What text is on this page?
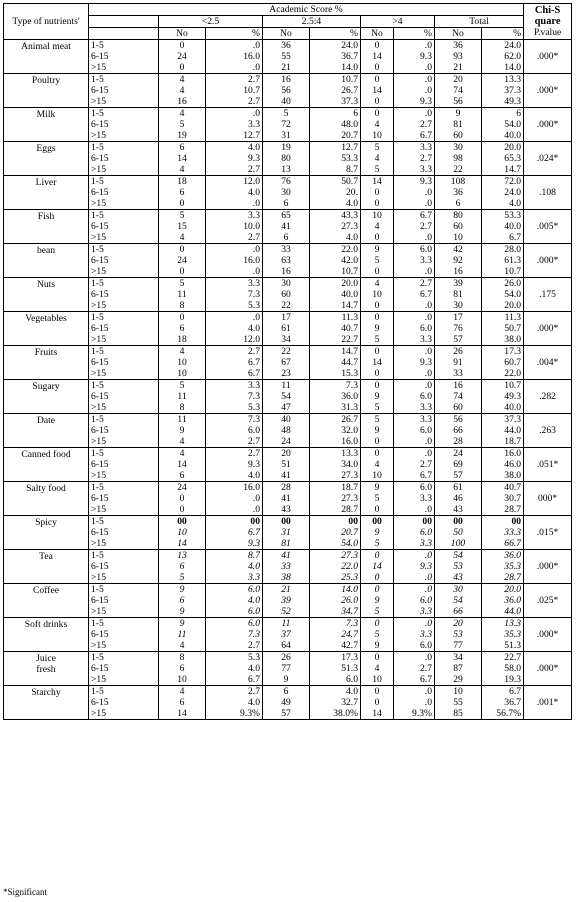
Type of nutrients'	Academic Score %									Chi-S
quare
P.value

		<2.5		2.5:4		>4		Total		
		No	%	No	%	No	%	No	%	
Animal meat	1-5	0	.0	36	24.0	0	.0	36	24.0	.000*
	6-15	24	16.0	55	36.7	14	9.3	93	62.0	
	>15	0	.0	21	14.0	0	.0	21	14.0	
Poultry	1-5	4	2.7	16	10.7	0	.0	20	13.3	.000*
	6-15	4	10.7	56	26.7	14	.0	74	37.3	
	>15	16	2.7	40	37.3	0	9.3	56	49.3	
Milk	1-5	4	.0	5	6	0	.0	9	6	.000*
	6-15	5	3.3	72	48.0	4	2.7	81	54.0	
	>15	19	12.7	31	20.7	10	6.7	60	40.0	
Eggs	1-5	6	4.0	19	12.7	5	3.3	30	20.0	.024*
	6-15	14	9.3	80	53.3	4	2.7	98	65.3	
	>15	4	2.7	13	8.7	5	3.3	22	14.7	
Liver	1-5	18	12.0	76	50.7	14	9.3	108	72.0	.108
	6-15	6	4.0	30	20.	0	.0	36	24.0	
	>15	0	.0	6	4.0	0	.0	6	4.0	
Fish	1-5	5	3.3	65	43.3	10	6.7	80	53.3	.005*
	6-15	15	10.0	41	27.3	4	2.7	60	40.0	
	>15	4	2.7	6	4.0	0	.0	10	6.7	
bean	1-5	0	.0	33	22.0	9	6.0	42	28.0	.000*
	6-15	24	16.0	63	42.0	5	3.3	92	61.3	
	>15	0	.0	16	10.7	0	.0	16	10.7	
Nuts	1-5	5	3.3	30	20.0	4	2.7	39	26.0	.175
	6-15	11	7.3	60	40.0	10	6.7	81	54.0	
	>15	8	5.3	22	14.7	0	.0	30	20.0	
Vegetables	1-5	0	.0	17	11.3	0	.0	17	11.3	.000*
	6-15	6	4.0	61	40.7	9	6.0	76	50.7	
	>15	18	12.0	34	22.7	5	3.3	57	38.0	
Fruits	1-5	4	2.7	22	14.7	0	.0	26	17.3	.004*
	6-15	10	6.7	67	44.7	14	9.3	91	60.7	
	>15	10	6.7	23	15.3	0	.0	33	22.0	
Sugary	1-5	5	3.3	11	7.3	0	.0	16	10.7	.282
	6-15	11	7.3	54	36.0	9	6.0	74	49.3	
	>15	8	5.3	47	31.3	5	3.3	60	40.0	
Date	1-5	11	7.3	40	26.7	5	3.3	56	37.3	.263
	6-15	9	6.0	48	32.0	9	6.0	66	44.0	
	>15	4	2.7	24	16.0	0	.0	28	18.7	
Canned food	1-5	4	2.7	20	13.3	0	.0	24	16.0	.051*
	6-15	14	9.3	51	34.0	4	2.7	69	46.0	
	>15	6	4.0	41	27.3	10	6.7	57	38.0	
Salty food	1-5	24	16.0	28	18.7	9	6.0	61	40.7	000*
	6-15	0	.0	41	27.3	5	3.3	46	30.7	
	>15	0	.0	43	28.7	0	.0	43	28.7	
Spicy	1-5	00	00	00	00	00	00	00	00	.015*
	6-15	10	6.7	31	20.7	9	6.0	50	33.3	
	>15	14	9.3	81	54.0	5	3.3	100	66.7	
Tea	1-5	13	8.7	41	27.3	0	.0	54	36.0	.000*
	6-15	6	4.0	33	22.0	14	9.3	53	35.3	
	>15	5	3.3	38	25.3	0	.0	43	28.7	
Coffee	1-5	9	6.0	21	14.0	0	.0	30	20.0	.025*
	6-15	6	4.0	39	26.0	9	6.0	54	36.0	
	>15	9	6.0	52	34.7	5	3.3	66	44.0	
Soft drinks	1-5	9	6.0	11	7.3	0	.0	20	13.3	.000*
	6-15	11	7.3	37	24.7	5	3.3	53	35.3	
	>15	4	2.7	64	42.7	9	6.0	77	51.3	
Juice
fresh	1-5	8	5.3	26	17.3	0	.0	34	22.7	.000*
	6-15	6	4.0	77	51.3	4	2.7	87	58.0	
	>15	10	6.7	9	6.0	10	6.7	29	19.3	
Starchy	1-5	4	2.7	6	4.0	0	.0	10	6.7	.001*
	6-15	6	4.0	49	32.7	0	.0	55	36.7	
	>15	14	9.3%	57	38.0%	14	9.3%	85	56.7%	
*Significant
